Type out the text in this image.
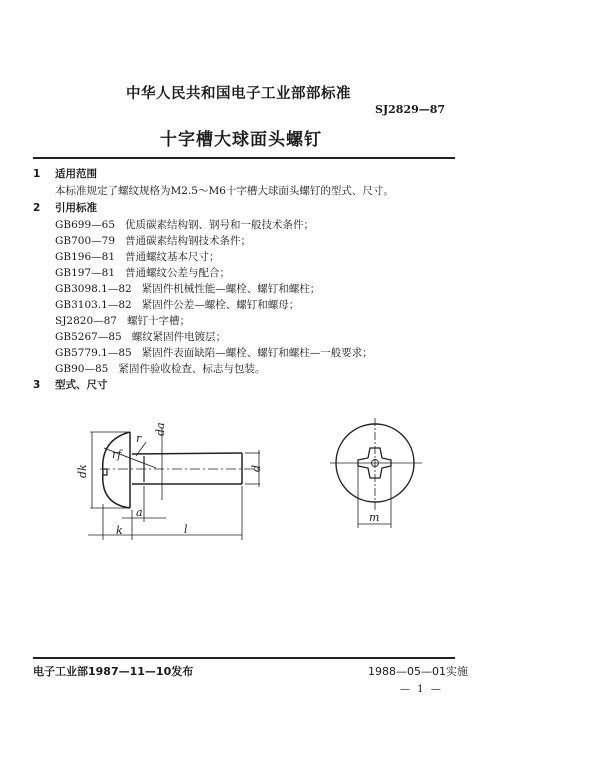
中华人民共和国电子工业部部标准
SJ2829—87
十字槽大球面头螺钉
1 适用范围
本标准规定了螺纹规格为M2.5～M6十字槽大球面头螺钉的型式、尺寸。
2 引用标准
GB699—65 优质碳素结构钢、钢号和一般技术条件；
GB700—79 普通碳素结构钢技术条件；
GB196—81 普通螺纹基本尺寸；
GB197—81 普通螺纹公差与配合；
GB3098.1—82 紧固件机械性能—螺栓、螺钉和螺柱；
GB3103.1—82 紧固件公差—螺栓、螺钉和螺母；
SJ2820—87 螺钉十字槽；
GB5267—85 螺纹紧固件电镀层；
GB5779.1—85 紧固件表面缺陷—螺栓、螺钉和螺柱—一般要求；
GB90—85 紧固件验收检查、标志与包装。
3 型式、尺寸
dk
rf
r
da
d
a
k	l
m
电子工业部1987—11—10发布	1988—05—01实施
— 1 —
